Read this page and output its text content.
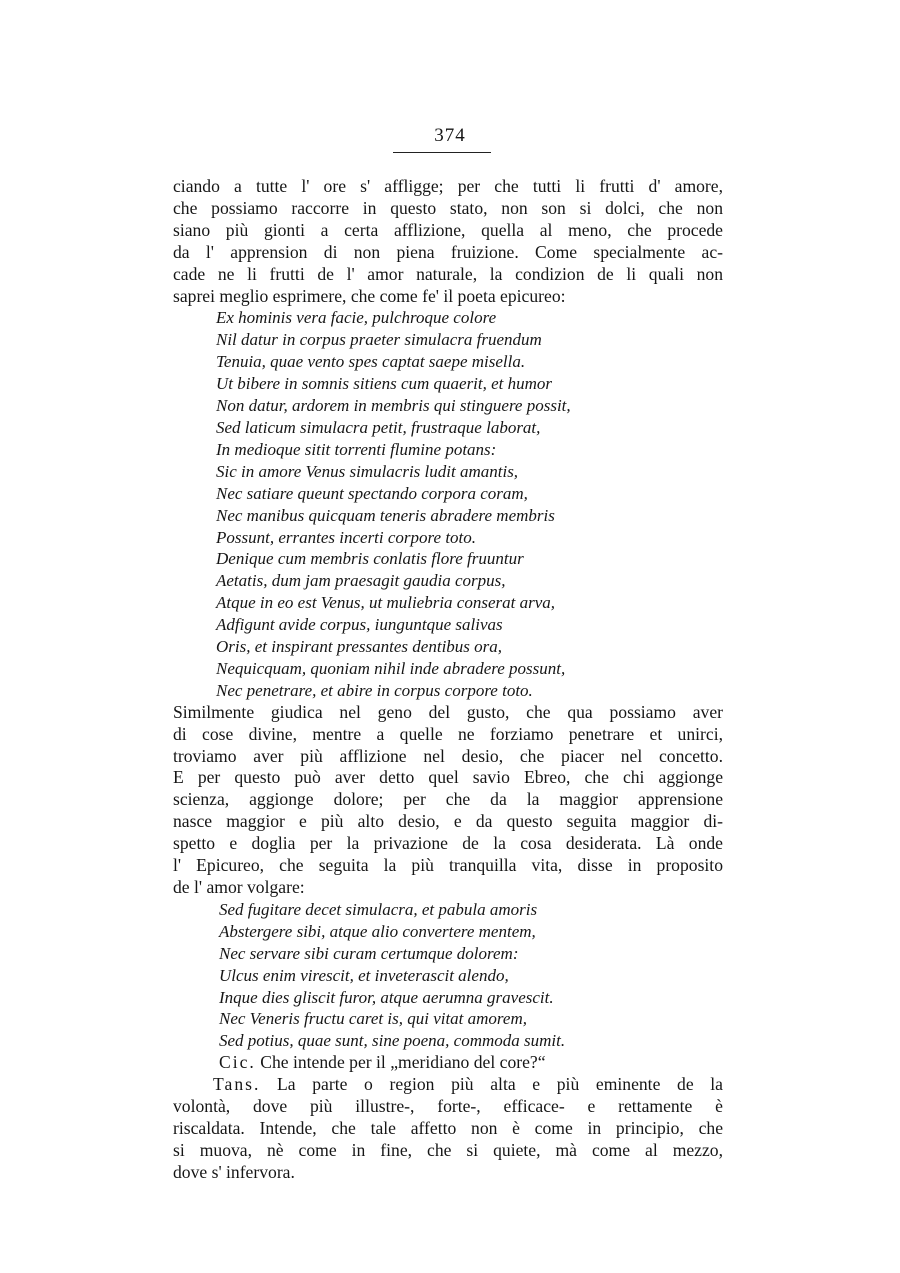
374

ciando a tutte l' ore s' affligge; per che tutti li frutti d' amore,

che possiamo raccorre in questo stato, non son si dolci, che non

siano più gionti a certa afflizione, quella al meno, che procede

da l' apprension di non piena fruizione. Come specialmente ac-

cade ne li frutti de l' amor naturale, la condizion de li quali non

saprei meglio esprimere, che come fe' il poeta epicureo:

Ex hominis vera facie, pulchroque colore

Nil datur in corpus praeter simulacra fruendum

Tenuia, quae vento spes captat saepe misella.

Ut bibere in somnis sitiens cum quaerit, et humor

Non datur, ardorem in membris qui stinguere possit,

Sed laticum simulacra petit, frustraque laborat,

In medioque sitit torrenti flumine potans:

Sic in amore Venus simulacris ludit amantis,

Nec satiare queunt spectando corpora coram,

Nec manibus quicquam teneris abradere membris

Possunt, errantes incerti corpore toto.

Denique cum membris conlatis flore fruuntur

Aetatis, dum jam praesagit gaudia corpus,

Atque in eo est Venus, ut muliebria conserat arva,

Adfigunt avide corpus, iunguntque salivas

Oris, et inspirant pressantes dentibus ora,

Nequicquam, quoniam nihil inde abradere possunt,

Nec penetrare, et abire in corpus corpore toto.

Similmente giudica nel geno del gusto, che qua possiamo aver

di cose divine, mentre a quelle ne forziamo penetrare et unirci,

troviamo aver più afflizione nel desio, che piacer nel concetto.

E per questo può aver detto quel savio Ebreo, che chi aggionge

scienza, aggionge dolore; per che da la maggior apprensione

nasce maggior e più alto desio, e da questo seguita maggior di-

spetto e doglia per la privazione de la cosa desiderata. Là onde

l' Epicureo, che seguita la più tranquilla vita, disse in proposito

de l' amor volgare:

Sed fugitare decet simulacra, et pabula amoris

Abstergere sibi, atque alio convertere mentem,

Nec servare sibi curam certumque dolorem:

Ulcus enim virescit, et inveterascit alendo,

Inque dies gliscit furor, atque aerumna gravescit.

Nec Veneris fructu caret is, qui vitat amorem,

Sed potius, quae sunt, sine poena, commoda sumit.

Cic. Che intende per il „meridiano del core?“

Tans. La parte o region più alta e più eminente de la

volontà, dove più illustre-, forte-, efficace- e rettamente è

riscaldata. Intende, che tale affetto non è come in principio, che

si muova, nè come in fine, che si quiete, mà come al mezzo,

dove s' infervora.
